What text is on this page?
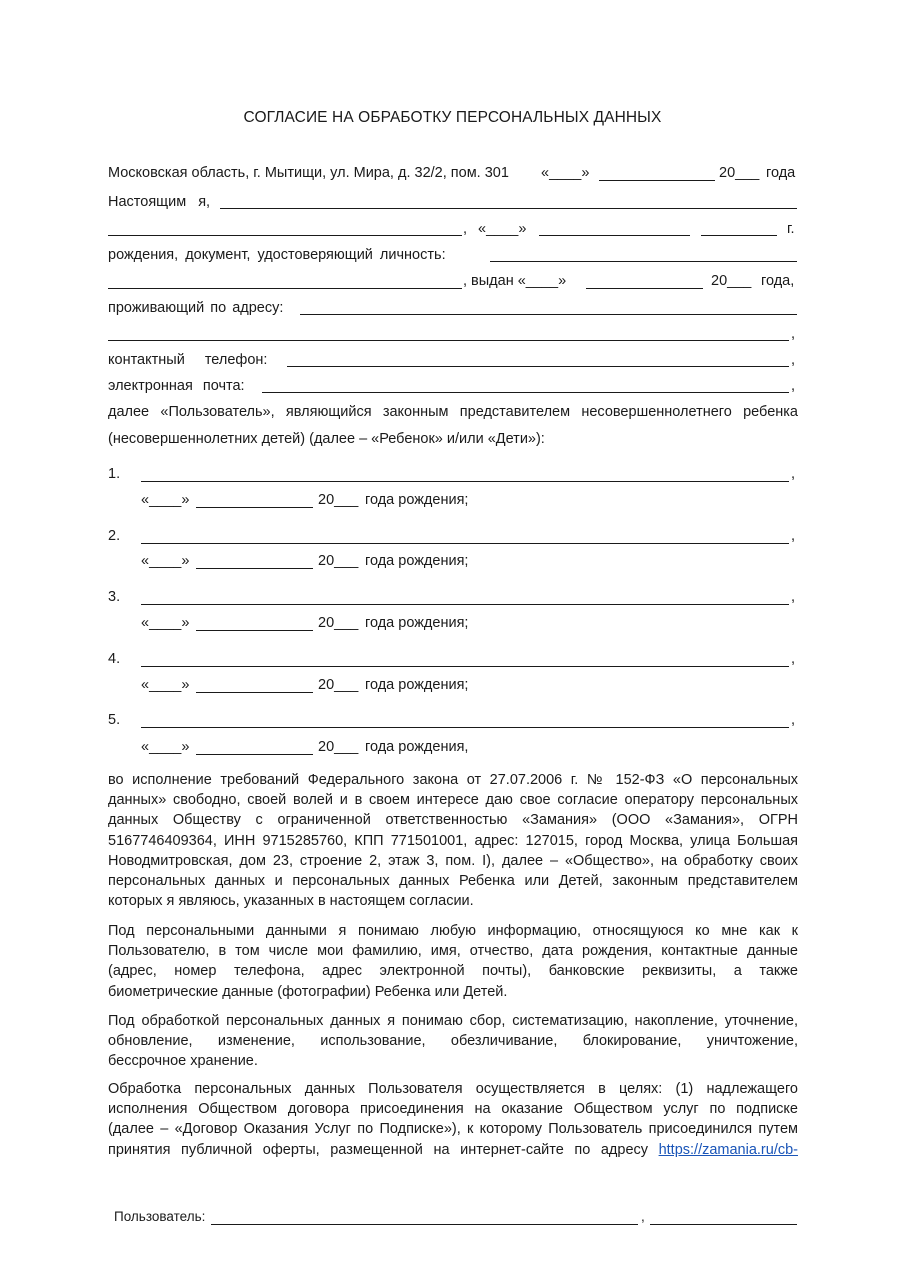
СОГЛАСИЕ НА ОБРАБОТКУ ПЕРСОНАЛЬНЫХ ДАННЫХ
Московская область, г. Мытищи, ул. Мира, д. 32/2, пом. 301 «____»	20___ года
Настоящим я,
, «____»	г.
рождения, документ, удостоверяющий личность:
, выдан «____»	20___ года,
проживающий по адресу:
,
контактный телефон:	,
электронная почта:	,
далее «Пользователь», являющийся законным представителем несовершеннолетнего ребенка
(несовершеннолетних детей) (далее – «Ребенок» и/или «Дети»):
1.	,
«____»	20___ года рождения;
2.	,
«____»	20___ года рождения;
3.	,
«____»	20___ года рождения;
4.	,
«____»	20___ года рождения;
5.	,
«____»	20___ года рождения,
во исполнение требований Федерального закона от 27.07.2006 г. № 152-ФЗ «О персональных
данных» свободно, своей волей и в своем интересе даю свое согласие оператору персональных
данных Обществу с ограниченной ответственностью «Замания» (ООО «Замания», ОГРН
5167746409364, ИНН 9715285760, КПП 771501001, адрес: 127015, город Москва, улица Большая
Новодмитровская, дом 23, строение 2, этаж 3, пом. I), далее – «Общество», на обработку своих
персональных данных и персональных данных Ребенка или Детей, законным представителем
которых я являюсь, указанных в настоящем согласии.
Под персональными данными я понимаю любую информацию, относящуюся ко мне как к
Пользователю, в том числе мои фамилию, имя, отчество, дата рождения, контактные данные
(адрес, номер телефона, адрес электронной почты), банковские реквизиты, а также
биометрические данные (фотографии) Ребенка или Детей.
Под обработкой персональных данных я понимаю сбор, систематизацию, накопление, уточнение,
обновление, изменение, использование, обезличивание, блокирование, уничтожение,
бессрочное хранение.
Обработка персональных данных Пользователя осуществляется в целях: (1) надлежащего
исполнения Обществом договора присоединения на оказание Обществом услуг по подписке
(далее – «Договор Оказания Услуг по Подписке»), к которому Пользователь присоединился путем
принятия публичной оферты, размещенной на интернет-сайте по адресу https://zamania.ru/cb-
Пользователь:	,
